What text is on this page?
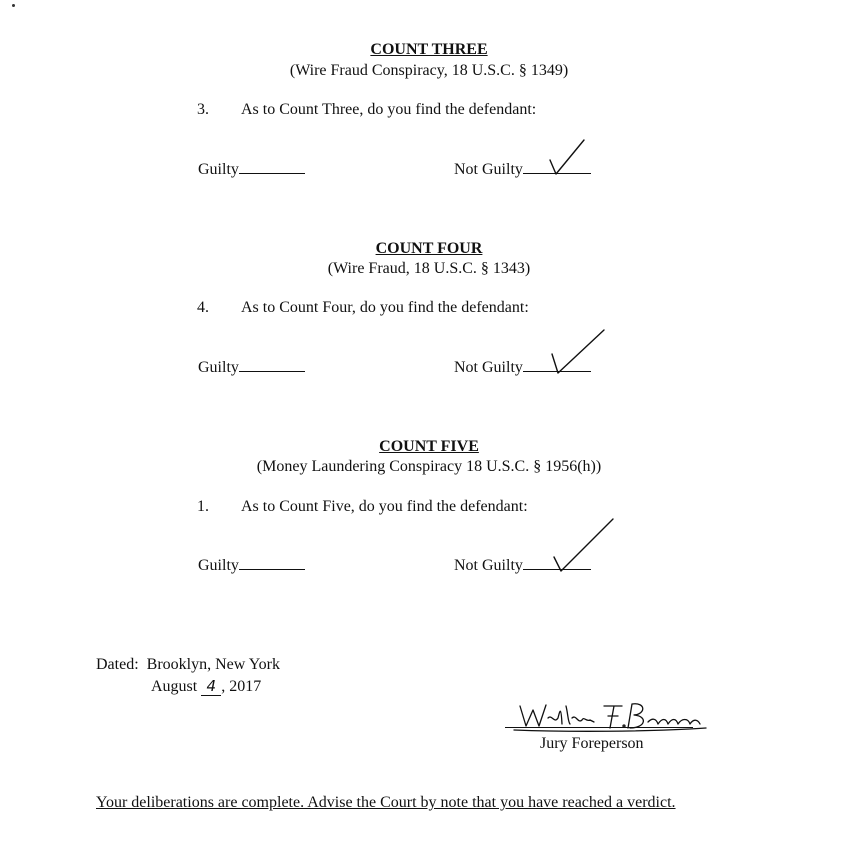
COUNT THREE
(Wire Fraud Conspiracy, 18 U.S.C. § 1349)
3. As to Count Three, do you find the defendant:
Guilty	Not Guilty
COUNT FOUR
(Wire Fraud, 18 U.S.C. § 1343)
4. As to Count Four, do you find the defendant:
Guilty	Not Guilty
COUNT FIVE
(Money Laundering Conspiracy 18 U.S.C. § 1956(h))
1. As to Count Five, do you find the defendant:
Guilty	Not Guilty
Dated: Brooklyn, New York
August 4 , 2017
Jury Foreperson
Your deliberations are complete. Advise the Court by note that you have reached a verdict.
